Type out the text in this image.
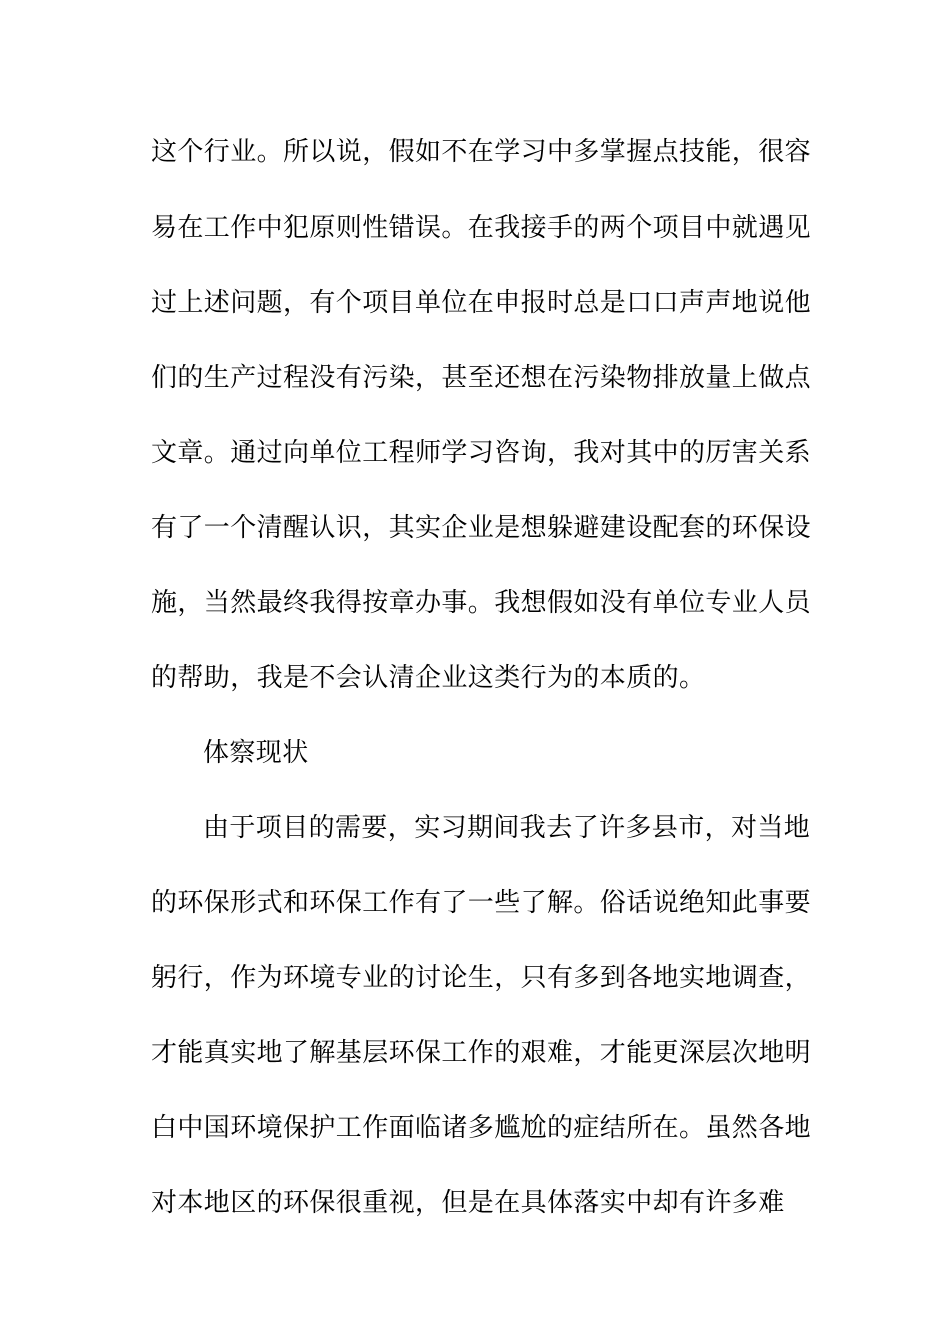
这个行业。所以说，假如不在学习中多掌握点技能，很容
易在工作中犯原则性错误。在我接手的两个项目中就遇见
过上述问题，有个项目单位在申报时总是口口声声地说他
们的生产过程没有污染，甚至还想在污染物排放量上做点
文章。通过向单位工程师学习咨询，我对其中的厉害关系
有了一个清醒认识，其实企业是想躲避建设配套的环保设
施，当然最终我得按章办事。我想假如没有单位专业人员
的帮助，我是不会认清企业这类行为的本质的。
体察现状
由于项目的需要，实习期间我去了许多县市，对当地
的环保形式和环保工作有了一些了解。俗话说绝知此事要
躬行，作为环境专业的讨论生，只有多到各地实地调查，
才能真实地了解基层环保工作的艰难，才能更深层次地明
白中国环境保护工作面临诸多尴尬的症结所在。虽然各地
对本地区的环保很重视，但是在具体落实中却有许多难
